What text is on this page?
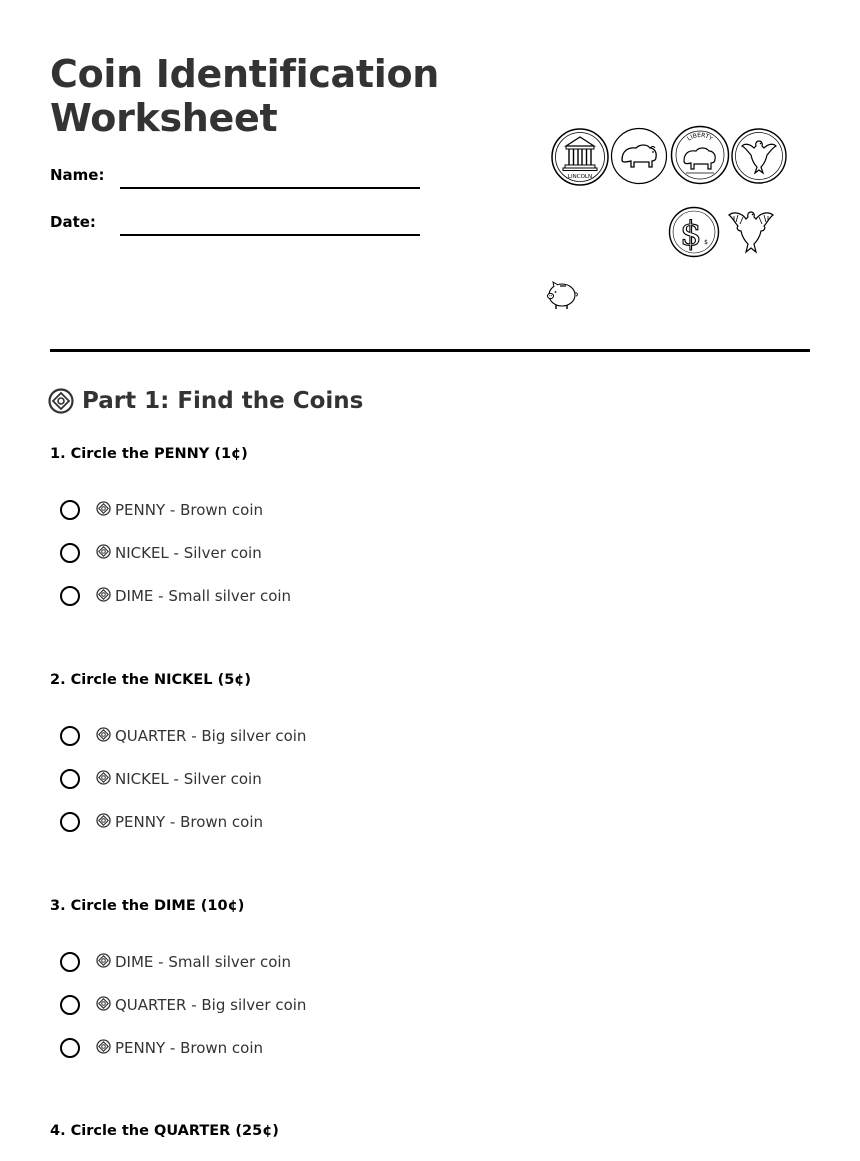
Coin Identification Worksheet
Name:
Date:
LINCOLN
LIBERTY
$ $
Part 1: Find the Coins
1. Circle the PENNY (1¢)
PENNY - Brown coin
NICKEL - Silver coin
DIME - Small silver coin
2. Circle the NICKEL (5¢)
QUARTER - Big silver coin
NICKEL - Silver coin
PENNY - Brown coin
3. Circle the DIME (10¢)
DIME - Small silver coin
QUARTER - Big silver coin
PENNY - Brown coin
4. Circle the QUARTER (25¢)
